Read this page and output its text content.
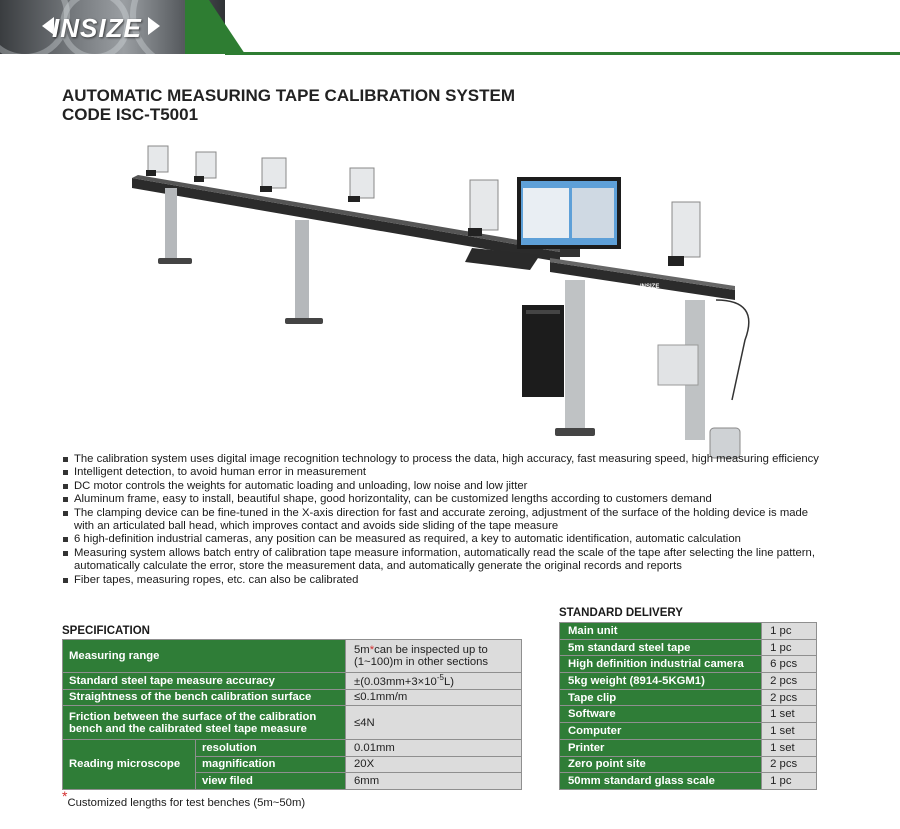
INSIZE
AUTOMATIC MEASURING TAPE CALIBRATION SYSTEM
CODE ISC-T5001
INSIZE
The calibration system uses digital image recognition technology to process the data, high accuracy, fast measuring speed, high measuring efficiency
Intelligent detection, to avoid human error in measurement
DC motor controls the weights for automatic loading and unloading, low noise and low jitter
Aluminum frame, easy to install, beautiful shape, good horizontality, can be customized lengths according to customers demand
The clamping device can be fine-tuned in the X-axis direction for fast and accurate zeroing, adjustment of the surface of the holding device is made with an articulated ball head, which improves contact and avoids side sliding of the tape measure
6 high-definition industrial cameras, any position can be measured as required, a key to automatic identification, automatic calculation
Measuring system allows batch entry of calibration tape measure information, automatically read the scale of the tape after selecting the line pattern, automatically calculate the error, store the measurement data, and automatically generate the original records and reports
Fiber tapes, measuring ropes, etc. can also be calibrated
SPECIFICATION
Measuring range		5m*can be inspected up to (1~100)m in other sections
Standard steel tape measure accuracy		$\pm(0.03mm+3\times 10^{-5}L)$
Straightness of the bench calibration surface		≤0.1mm/m
Friction between the surface of the calibration bench and the calibrated steel tape measure		≤4N
Reading microscope	resolution	0.01mm
	magnification	20X
	view filed	6mm
*Customized lengths for test benches (5m~50m)
STANDARD DELIVERY
Main unit	1 pc
5m standard steel tape	1 pc
High definition industrial camera	6 pcs
5kg weight (8914-5KGM1)	2 pcs
Tape clip	2 pcs
Software	1 set
Computer	1 set
Printer	1 set
Zero point site	2 pcs
50mm standard glass scale	1 pc
